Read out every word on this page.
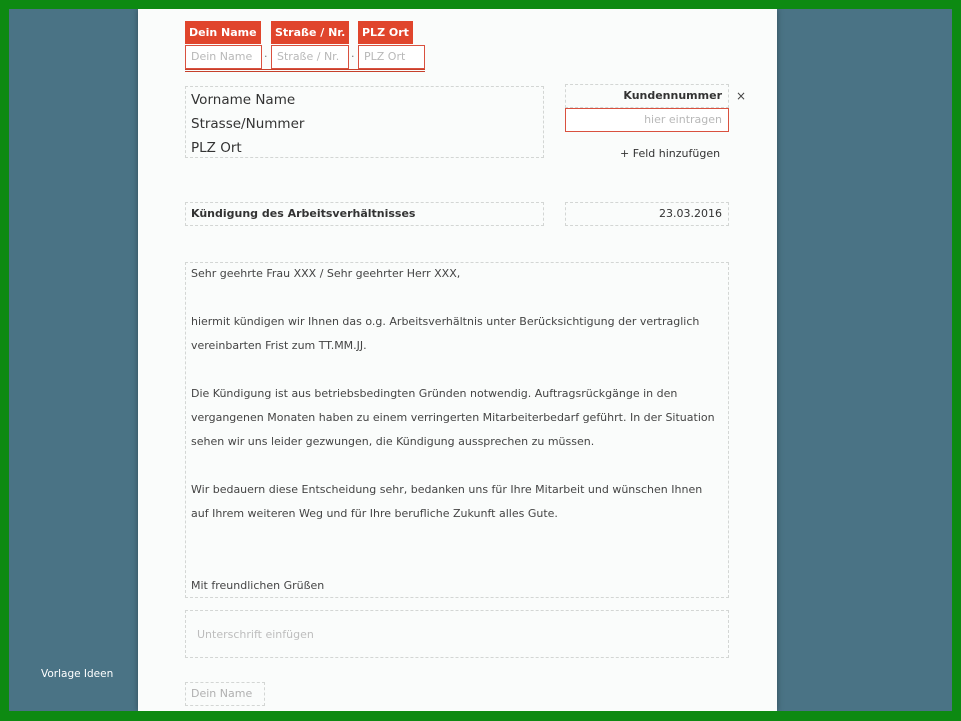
Vorlage Ideen
Dein Name	Straße / Nr.	PLZ Ort
Dein Name	· Straße / Nr.	· PLZ Ort
Vorname Name
Strasse/Nummer
PLZ Ort
Kundennummer	×
hier eintragen
+ Feld hinzufügen
Kündigung des Arbeitsverhältnisses	23.03.2016
Sehr geehrte Frau XXX / Sehr geehrter Herr XXX,
hiermit kündigen wir Ihnen das o.g. Arbeitsverhältnis unter Berücksichtigung der vertraglich
vereinbarten Frist zum TT.MM.JJ.
Die Kündigung ist aus betriebsbedingten Gründen notwendig. Auftragsrückgänge in den
vergangenen Monaten haben zu einem verringerten Mitarbeiterbedarf geführt. In der Situation
sehen wir uns leider gezwungen, die Kündigung aussprechen zu müssen.
Wir bedauern diese Entscheidung sehr, bedanken uns für Ihre Mitarbeit und wünschen Ihnen
auf Ihrem weiteren Weg und für Ihre berufliche Zukunft alles Gute.
Mit freundlichen Grüßen
Unterschrift einfügen
Dein Name
